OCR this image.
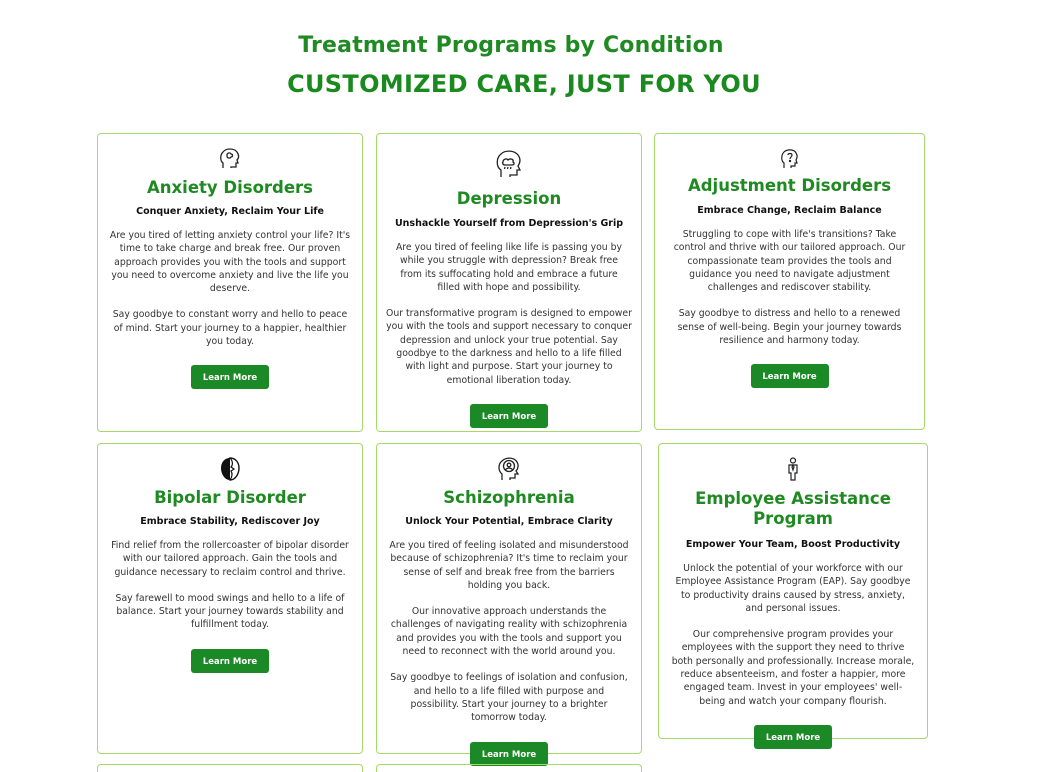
Treatment Programs by Condition
CUSTOMIZED CARE, JUST FOR YOU
Anxiety Disorders

Conquer Anxiety, Reclaim Your Life

Are you tired of letting anxiety control your life? It's time to take charge and break free. Our proven approach provides you with the tools and support you need to overcome anxiety and live the life you deserve.

Say goodbye to constant worry and hello to peace of mind. Start your journey to a happier, healthier you today.

Learn More
Depression

Unshackle Yourself from Depression's Grip

Are you tired of feeling like life is passing you by while you struggle with depression? Break free from its suffocating hold and embrace a future filled with hope and possibility.

Our transformative program is designed to empower you with the tools and support necessary to conquer depression and unlock your true potential. Say goodbye to the darkness and hello to a life filled with light and purpose. Start your journey to emotional liberation today.

Learn More
Adjustment Disorders

Embrace Change, Reclaim Balance

Struggling to cope with life's transitions? Take control and thrive with our tailored approach. Our compassionate team provides the tools and guidance you need to navigate adjustment challenges and rediscover stability.

Say goodbye to distress and hello to a renewed sense of well-being. Begin your journey towards resilience and harmony today.

Learn More
Bipolar Disorder

Embrace Stability, Rediscover Joy

Find relief from the rollercoaster of bipolar disorder with our tailored approach. Gain the tools and guidance necessary to reclaim control and thrive.

Say farewell to mood swings and hello to a life of balance. Start your journey towards stability and fulfillment today.

Learn More
Schizophrenia

Unlock Your Potential, Embrace Clarity

Are you tired of feeling isolated and misunderstood because of schizophrenia? It's time to reclaim your sense of self and break free from the barriers holding you back.

Our innovative approach understands the challenges of navigating reality with schizophrenia and provides you with the tools and support you need to reconnect with the world around you.

Say goodbye to feelings of isolation and confusion, and hello to a life filled with purpose and possibility. Start your journey to a brighter tomorrow today.

Learn More
Employee Assistance Program

Empower Your Team, Boost Productivity

Unlock the potential of your workforce with our Employee Assistance Program (EAP). Say goodbye to productivity drains caused by stress, anxiety, and personal issues.

Our comprehensive program provides your employees with the support they need to thrive both personally and professionally. Increase morale, reduce absenteeism, and foster a happier, more engaged team. Invest in your employees' well-being and watch your company flourish.

Learn More
